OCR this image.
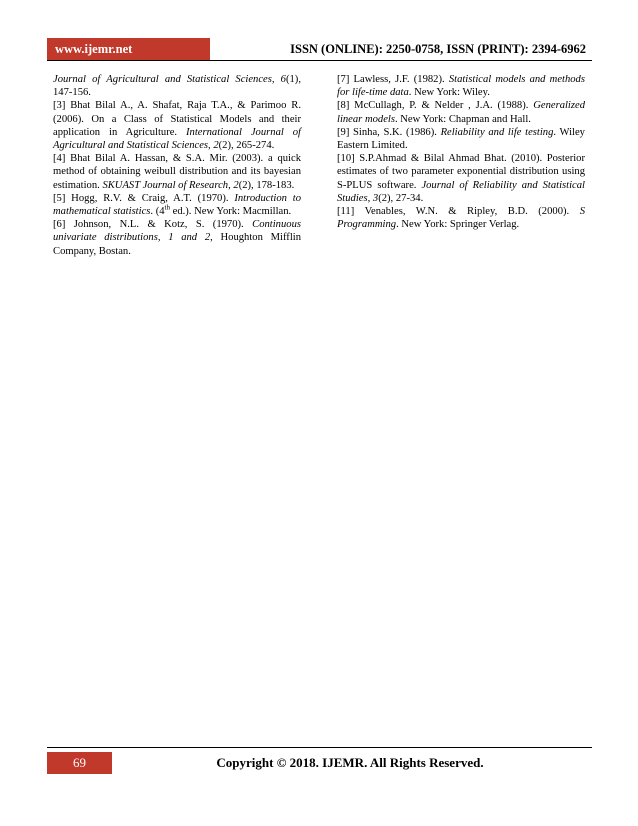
www.ijemr.net	ISSN (ONLINE): 2250-0758, ISSN (PRINT): 2394-6962

Journal of Agricultural and Statistical Sciences, 6(1), 147-156.

[3] Bhat Bilal A., A. Shafat, Raja T.A., & Parimoo R. (2006). On a Class of Statistical Models and their application in Agriculture. International Journal of Agricultural and Statistical Sciences, 2(2), 265-274.

[4] Bhat Bilal A. Hassan, & S.A. Mir. (2003). a quick method of obtaining weibull distribution and its bayesian estimation. SKUAST Journal of Research, 2(2), 178-183.

[5] Hogg, R.V. & Craig, A.T. (1970). Introduction to mathematical statistics. (4th ed.). New York: Macmillan.

[6] Johnson, N.L. & Kotz, S. (1970). Continuous univariate distributions, 1 and 2, Houghton Mifflin Company, Bostan.

[7] Lawless, J.F. (1982). Statistical models and methods for life-time data. New York: Wiley.

[8] McCullagh, P. & Nelder , J.A. (1988). Generalized linear models. New York: Chapman and Hall.

[9] Sinha, S.K. (1986). Reliability and life testing. Wiley Eastern Limited.

[10] S.P.Ahmad & Bilal Ahmad Bhat. (2010). Posterior estimates of two parameter exponential distribution using S-PLUS software. Journal of Reliability and Statistical Studies, 3(2), 27-34.

[11] Venables, W.N. & Ripley, B.D. (2000). S Programming. New York: Springer Verlag.

69	Copyright © 2018. IJEMR. All Rights Reserved.
